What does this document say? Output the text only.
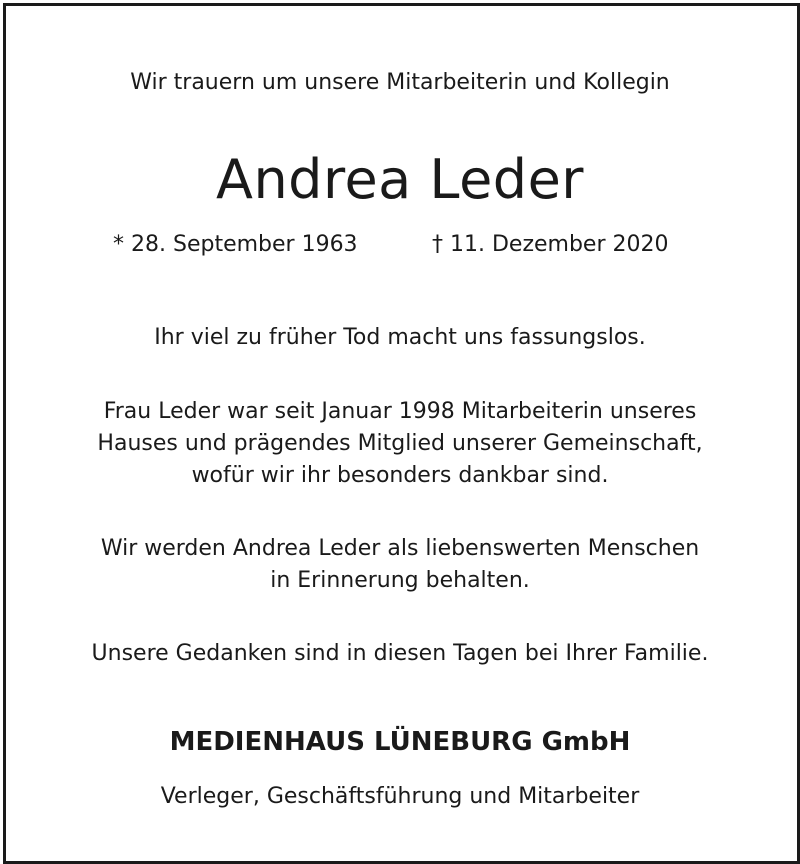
Wir trauern um unsere Mitarbeiterin und Kollegin
Andrea Leder
* 28. September 1963	† 11. Dezember 2020
Ihr viel zu früher Tod macht uns fassungslos.
Frau Leder war seit Januar 1998 Mitarbeiterin unseres
Hauses und prägendes Mitglied unserer Gemeinschaft,
wofür wir ihr besonders dankbar sind.
Wir werden Andrea Leder als liebenswerten Menschen
in Erinnerung behalten.
Unsere Gedanken sind in diesen Tagen bei Ihrer Familie.
MEDIENHAUS LÜNEBURG GmbH
Verleger, Geschäftsführung und Mitarbeiter
